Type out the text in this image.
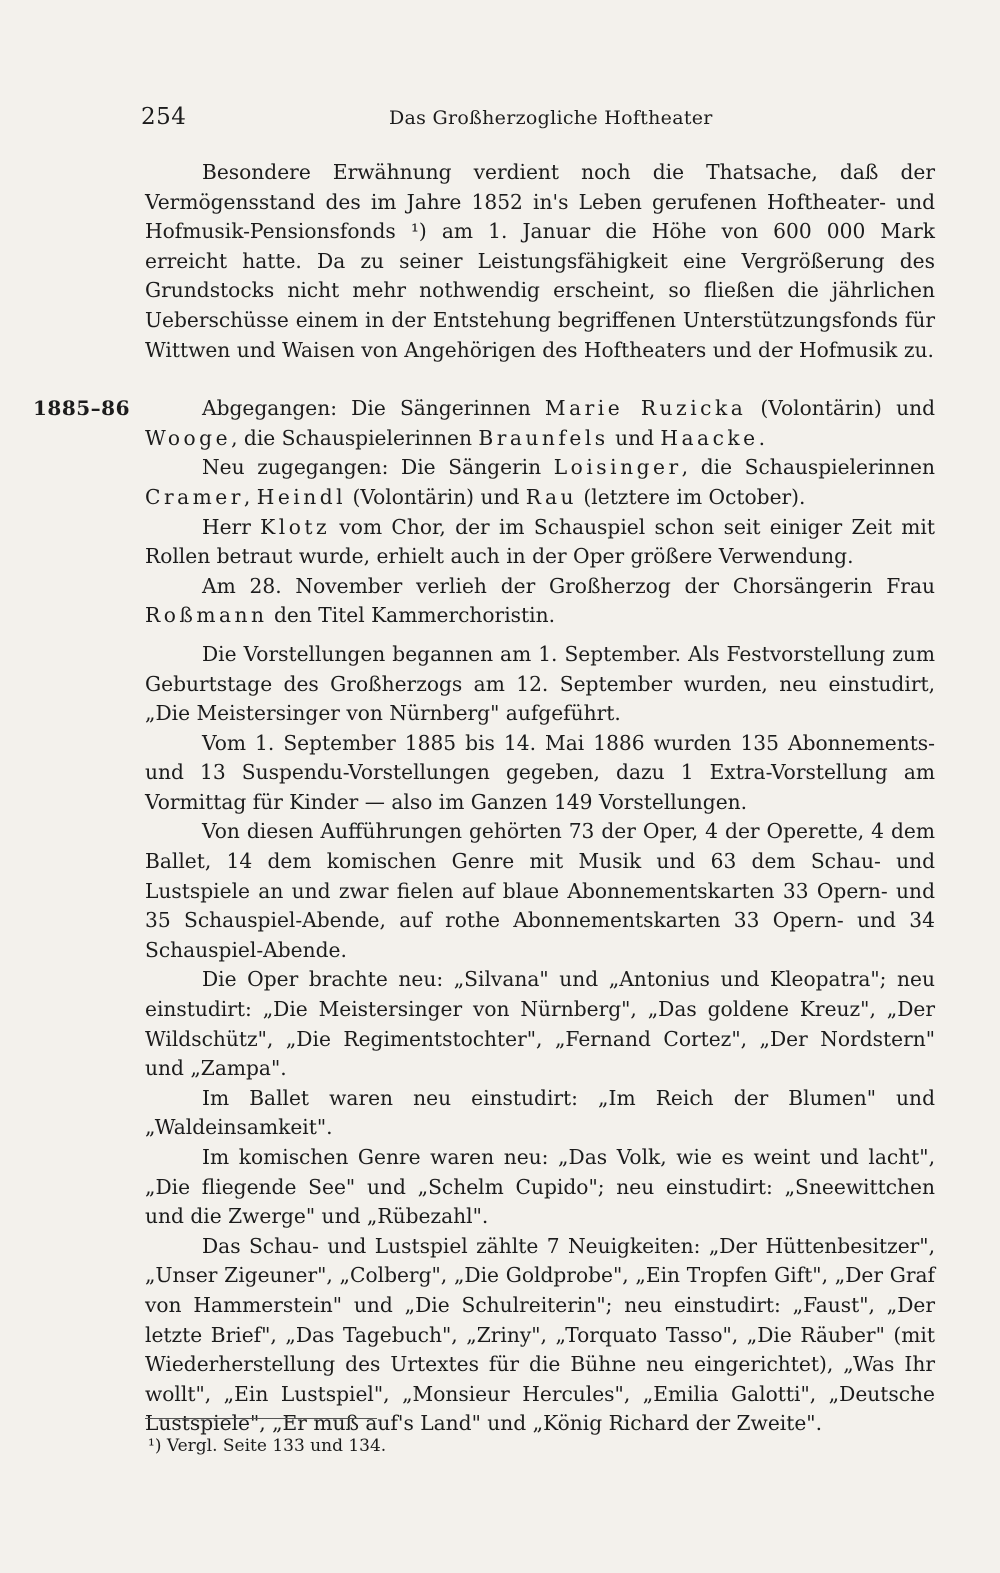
254	Das Großherzogliche Hoftheater
1885–86

Besondere Erwähnung verdient noch die Thatsache, daß der Vermögensstand des im Jahre 1852 in's Leben gerufenen Hoftheater- und Hofmusik-Pensionsfonds ¹) am 1. Januar die Höhe von 600 000 Mark erreicht hatte. Da zu seiner Leistungsfähigkeit eine Vergrößerung des Grundstocks nicht mehr nothwendig erscheint, so fließen die jährlichen Ueberschüsse einem in der Entstehung begriffenen Unterstützungsfonds für Wittwen und Waisen von Angehörigen des Hoftheaters und der Hofmusik zu.

Abgegangen: Die Sängerinnen Marie Ruzicka (Volontärin) und Wooge, die Schauspielerinnen Braunfels und Haacke.

Neu zugegangen: Die Sängerin Loisinger, die Schauspielerinnen Cramer, Heindl (Volontärin) und Rau (letztere im October).

Herr Klotz vom Chor, der im Schauspiel schon seit einiger Zeit mit Rollen betraut wurde, erhielt auch in der Oper größere Verwendung.

Am 28. November verlieh der Großherzog der Chorsängerin Frau Roßmann den Titel Kammerchoristin.

Die Vorstellungen begannen am 1. September. Als Festvorstellung zum Geburtstage des Großherzogs am 12. September wurden, neu einstudirt, „Die Meistersinger von Nürnberg" aufgeführt.

Vom 1. September 1885 bis 14. Mai 1886 wurden 135 Abonnements- und 13 Suspendu-Vorstellungen gegeben, dazu 1 Extra-Vorstellung am Vormittag für Kinder — also im Ganzen 149 Vorstellungen.

Von diesen Aufführungen gehörten 73 der Oper, 4 der Operette, 4 dem Ballet, 14 dem komischen Genre mit Musik und 63 dem Schau- und Lustspiele an und zwar fielen auf blaue Abonnementskarten 33 Opern- und 35 Schauspiel-Abende, auf rothe Abonnementskarten 33 Opern- und 34 Schauspiel-Abende.

Die Oper brachte neu: „Silvana" und „Antonius und Kleopatra"; neu einstudirt: „Die Meistersinger von Nürnberg", „Das goldene Kreuz", „Der Wildschütz", „Die Regimentstochter", „Fernand Cortez", „Der Nordstern" und „Zampa".

Im Ballet waren neu einstudirt: „Im Reich der Blumen" und „Waldeinsamkeit".

Im komischen Genre waren neu: „Das Volk, wie es weint und lacht", „Die fliegende See" und „Schelm Cupido"; neu einstudirt: „Sneewittchen und die Zwerge" und „Rübezahl".

Das Schau- und Lustspiel zählte 7 Neuigkeiten: „Der Hüttenbesitzer", „Unser Zigeuner", „Colberg", „Die Goldprobe", „Ein Tropfen Gift", „Der Graf von Hammerstein" und „Die Schulreiterin"; neu einstudirt: „Faust", „Der letzte Brief", „Das Tagebuch", „Zriny", „Torquato Tasso", „Die Räuber" (mit Wiederherstellung des Urtextes für die Bühne neu eingerichtet), „Was Ihr wollt", „Ein Lustspiel", „Monsieur Hercules", „Emilia Galotti", „Deutsche Lustspiele", „Er muß auf's Land" und „König Richard der Zweite".

¹) Vergl. Seite 133 und 134.
